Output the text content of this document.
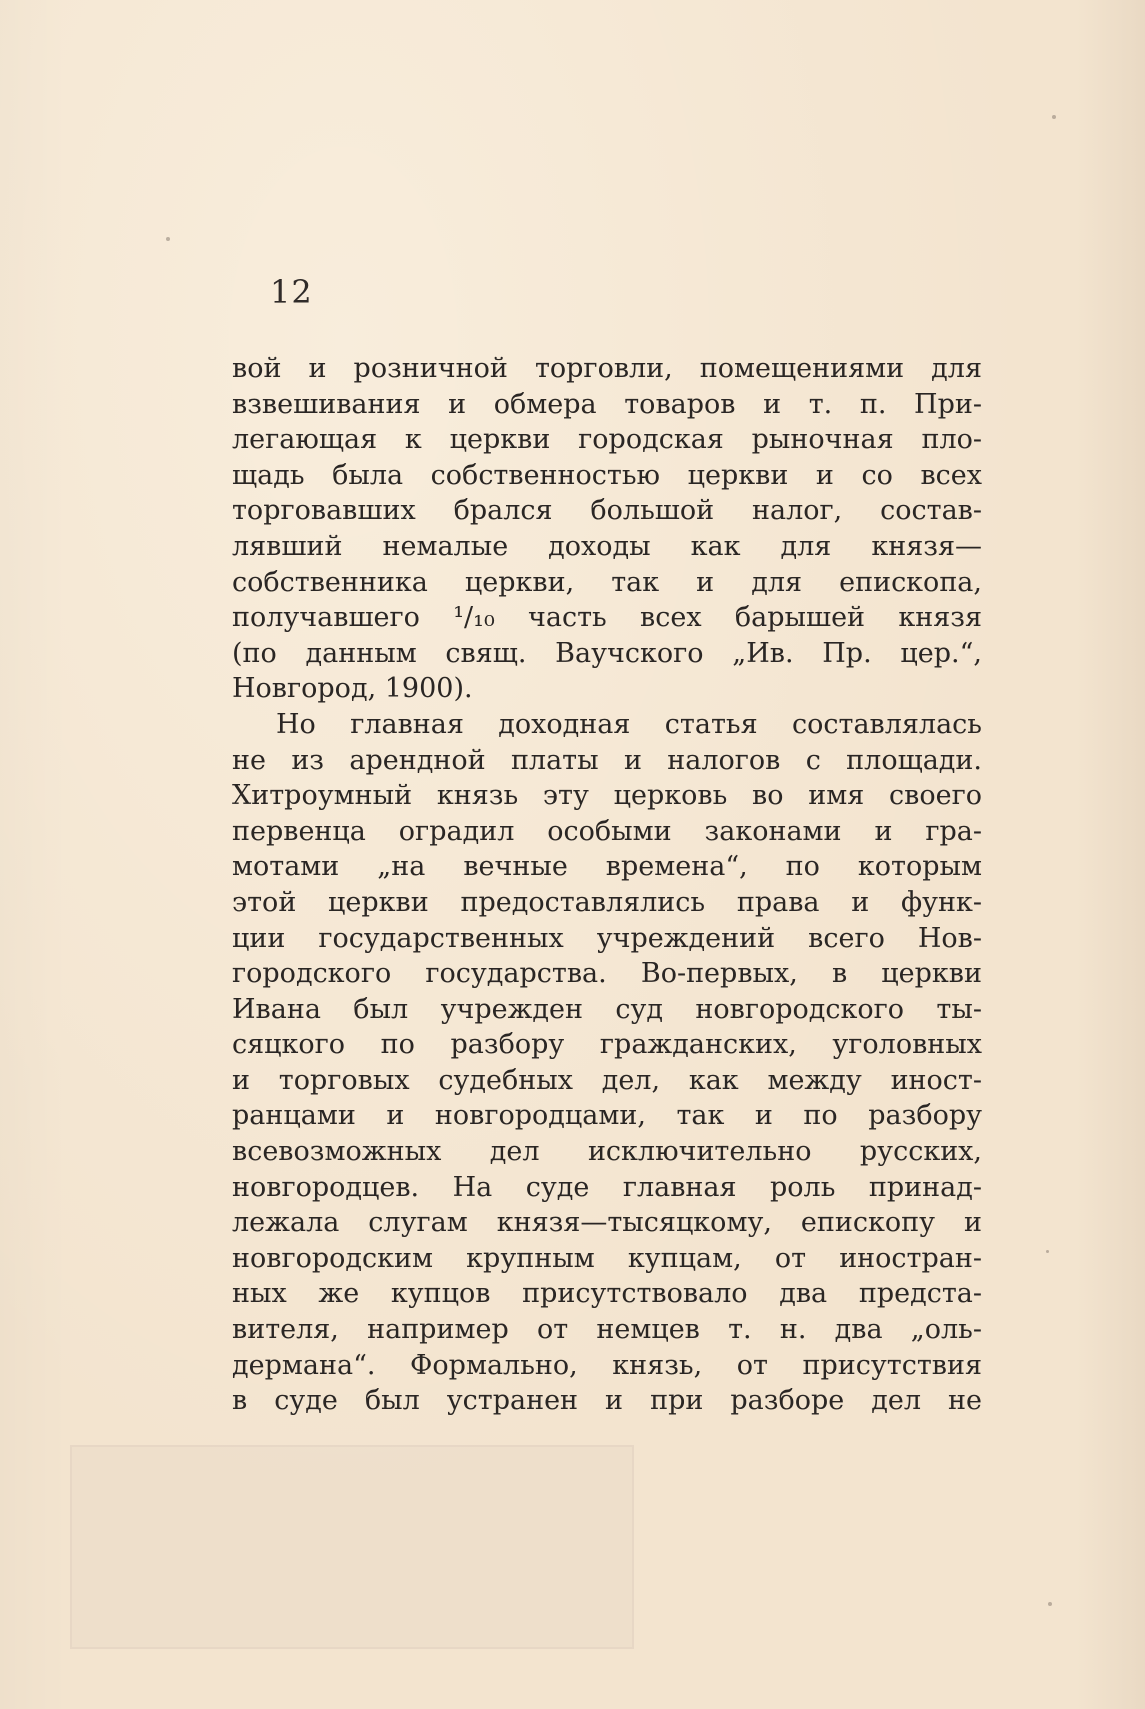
12
вой и розничной торговли, помещениями для
взвешивания и обмера товаров и т. п. При-
легающая к церкви городская рыночная пло-
щадь была собственностью церкви и со всех
торговавших брался большой налог, состав-
лявший немалые доходы как для князя—
собственника церкви, так и для епископа,
получавшего ¹/₁₀ часть всех барышей князя
(по данным свящ. Ваучского „Ив. Пр. цер.“,
Новгород, 1900).
Но главная доходная статья составлялась
не из арендной платы и налогов с площади.
Хитроумный князь эту церковь во имя своего
первенца оградил особыми законами и гра-
мотами „на вечные времена“, по которым
этой церкви предоставлялись права и функ-
ции государственных учреждений всего Нов-
городского государства. Во-первых, в церкви
Ивана был учрежден суд новгородского ты-
сяцкого по разбору гражданских, уголовных
и торговых судебных дел, как между иност-
ранцами и новгородцами, так и по разбору
всевозможных дел исключительно русских,
новгородцев. На суде главная роль принад-
лежала слугам князя—тысяцкому, епископу и
новгородским крупным купцам, от иностран-
ных же купцов присутствовало два предста-
вителя, например от немцев т. н. два „оль-
дермана“. Формально, князь, от присутствия
в суде был устранен и при разборе дел не
